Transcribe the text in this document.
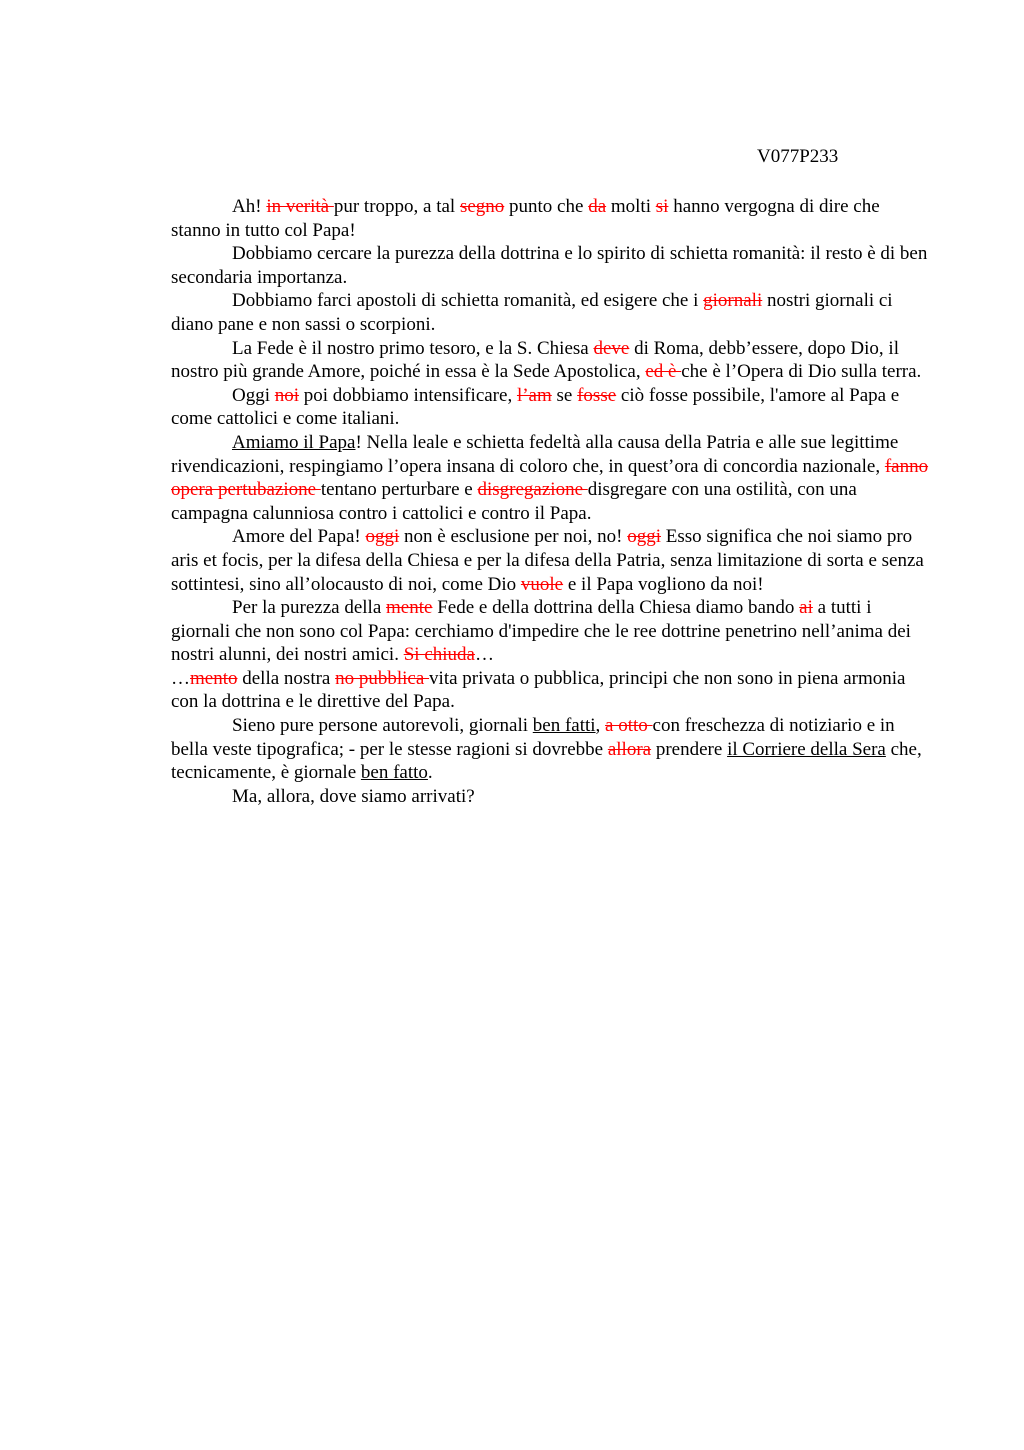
V077P233

Ah! in verità pur troppo, a tal segno punto che da molti si hanno vergogna di dire che stanno in tutto col Papa!

Dobbiamo cercare la purezza della dottrina e lo spirito di schietta romanità: il resto è di ben secondaria importanza.

Dobbiamo farci apostoli di schietta romanità, ed esigere che i giornali nostri giornali ci diano pane e non sassi o scorpioni.

La Fede è il nostro primo tesoro, e la S. Chiesa deve di Roma, debb’essere, dopo Dio, il nostro più grande Amore, poiché in essa è la Sede Apostolica, ed è che è l’Opera di Dio sulla terra.

Oggi noi poi dobbiamo intensificare, l’am se fosse ciò fosse possibile, l'amore al Papa e come cattolici e come italiani.

Amiamo il Papa! Nella leale e schietta fedeltà alla causa della Patria e alle sue legittime rivendicazioni, respingiamo l’opera insana di coloro che, in quest’ora di concordia nazionale, fanno opera pertubazione tentano perturbare e disgregazione disgregare con una ostilità, con una campagna calunniosa contro i cattolici e contro il Papa.

Amore del Papa! oggi non è esclusione per noi, no! oggi Esso significa che noi siamo pro aris et focis, per la difesa della Chiesa e per la difesa della Patria, senza limitazione di sorta e senza sottintesi, sino all’olocausto di noi, come Dio vuole e il Papa vogliono da noi!

Per la purezza della mente Fede e della dottrina della Chiesa diamo bando ai a tutti i giornali che non sono col Papa: cerchiamo d'impedire che le ree dottrine penetrino nell’anima dei nostri alunni, dei nostri amici. Si chiuda…

…mento della nostra no pubblica vita privata o pubblica, principi che non sono in piena armonia con la dottrina e le direttive del Papa.

Sieno pure persone autorevoli, giornali ben fatti, a otto con freschezza di notiziario e in bella veste tipografica; - per le stesse ragioni si dovrebbe allora prendere il Corriere della Sera che, tecnicamente, è giornale ben fatto.

Ma, allora, dove siamo arrivati?
